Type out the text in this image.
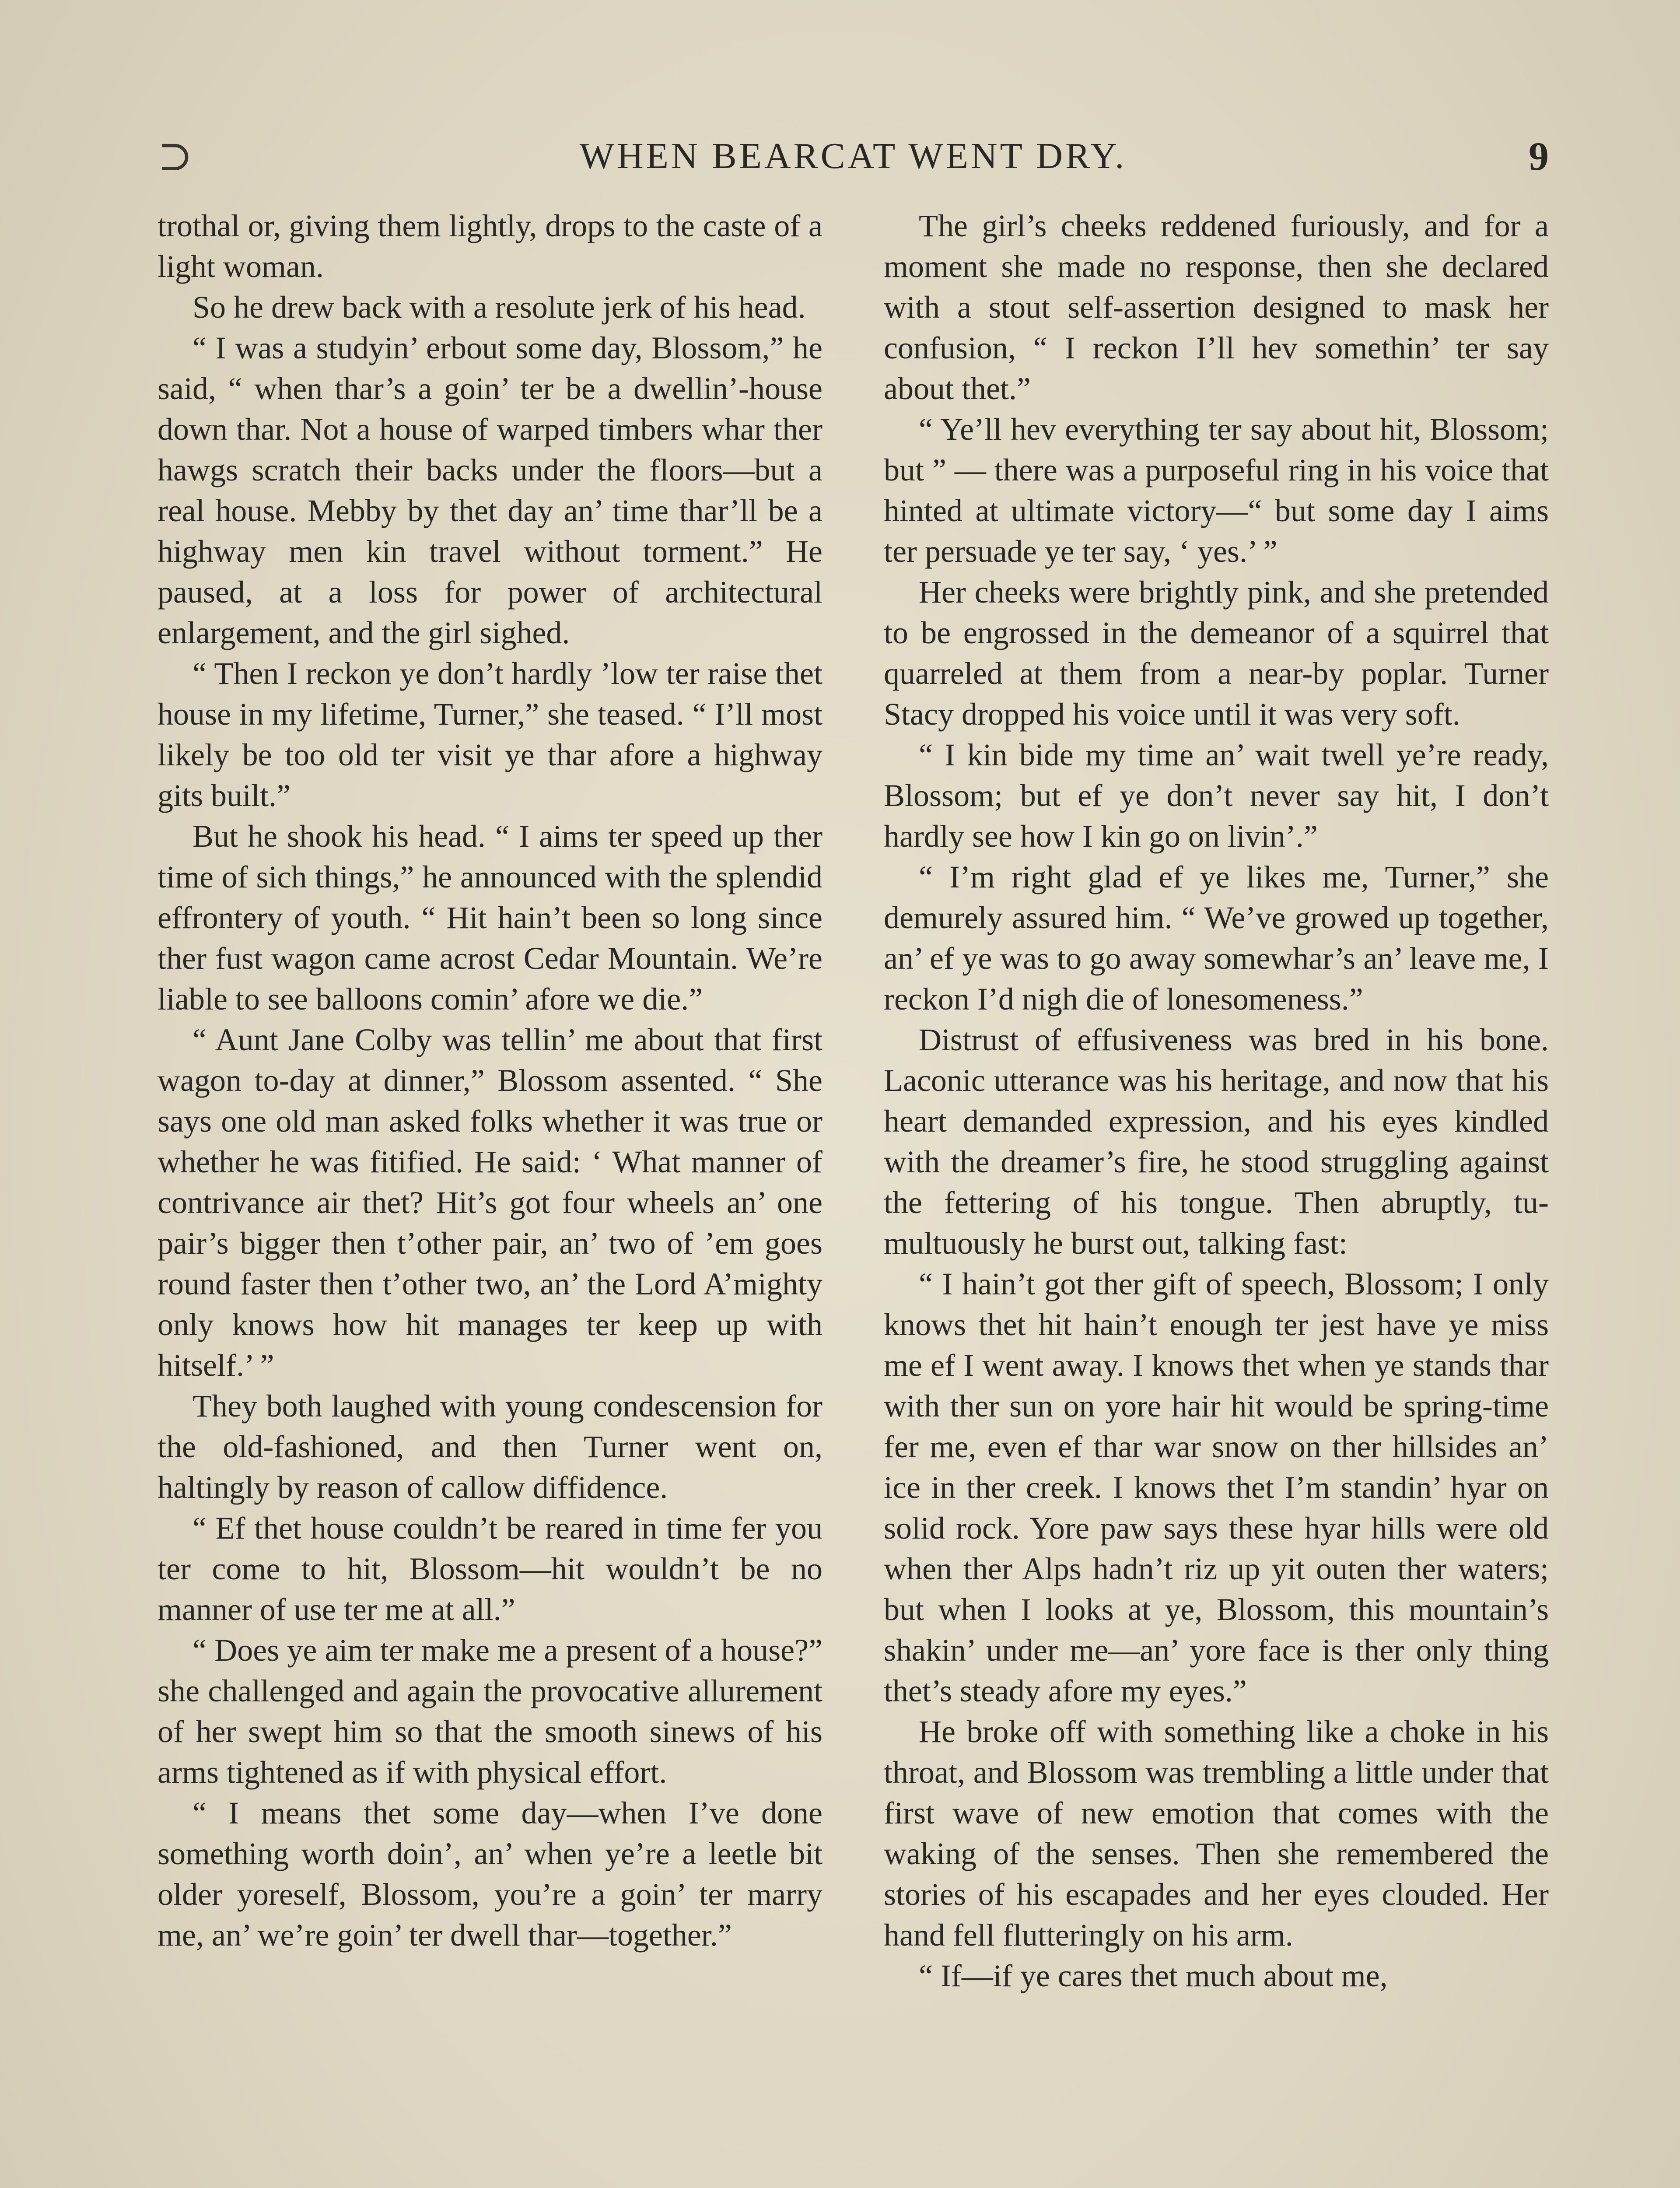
⊃	WHEN BEARCAT WENT DRY.	9

trothal or, giving them lightly, drops to the caste of a light woman.

So he drew back with a resolute jerk of his head.

“ I was a studyin’ erbout some day, Blossom,” he said, “ when thar’s a goin’ ter be a dwellin’-house down thar. Not a house of warped timbers whar ther hawgs scratch their backs under the floors—but a real house. Mebby by thet day an’ time thar’ll be a highway men kin travel without torment.” He paused, at a loss for power of architectural enlargement, and the girl sighed.

“ Then I reckon ye don’t hardly ’low ter raise thet house in my lifetime, Turner,” she teased. “ I’ll most likely be too old ter visit ye thar afore a highway gits built.”

But he shook his head. “ I aims ter speed up ther time of sich things,” he announced with the splendid effrontery of youth. “ Hit hain’t been so long since ther fust wagon came acrost Cedar Mountain. We’re liable to see balloons comin’ afore we die.”

“ Aunt Jane Colby was tellin’ me about that first wagon to-day at dinner,” Blossom assented. “ She says one old man asked folks whether it was true or whether he was fitified. He said: ‘ What manner of contrivance air thet? Hit’s got four wheels an’ one pair’s bigger then t’other pair, an’ two of ’em goes round faster then t’other two, an’ the Lord A’mighty only knows how hit manages ter keep up with hitself.’ ”

They both laughed with young condescension for the old-fashioned, and then Turner went on, haltingly by reason of callow diffidence.

“ Ef thet house couldn’t be reared in time fer you ter come to hit, Blossom—hit wouldn’t be no manner of use ter me at all.”

“ Does ye aim ter make me a present of a house?” she challenged and again the provocative allurement of her swept him so that the smooth sinews of his arms tightened as if with physical effort.

“ I means thet some day—when I’ve done something worth doin’, an’ when ye’re a leetle bit older yoreself, Blossom, you’re a goin’ ter marry me, an’ we’re goin’ ter dwell thar—together.”

The girl’s cheeks reddened furiously, and for a moment she made no response, then she declared with a stout self-assertion designed to mask her confusion, “ I reckon I’ll hev somethin’ ter say about thet.”

“ Ye’ll hev everything ter say about hit, Blossom; but ” — there was a purposeful ring in his voice that hinted at ultimate victory—“ but some day I aims ter persuade ye ter say, ‘ yes.’ ”

Her cheeks were brightly pink, and she pretended to be engrossed in the demeanor of a squirrel that quarreled at them from a near-by poplar. Turner Stacy dropped his voice until it was very soft.

“ I kin bide my time an’ wait twell ye’re ready, Blossom; but ef ye don’t never say hit, I don’t hardly see how I kin go on livin’.”

“ I’m right glad ef ye likes me, Turner,” she demurely assured him. “ We’ve growed up together, an’ ef ye was to go away somewhar’s an’ leave me, I reckon I’d nigh die of lonesomeness.”

Distrust of effusiveness was bred in his bone. Laconic utterance was his heritage, and now that his heart demanded expression, and his eyes kindled with the dreamer’s fire, he stood struggling against the fettering of his tongue. Then abruptly, tumultuously he burst out, talking fast:

“ I hain’t got ther gift of speech, Blossom; I only knows thet hit hain’t enough ter jest have ye miss me ef I went away. I knows thet when ye stands thar with ther sun on yore hair hit would be spring-time fer me, even ef thar war snow on ther hillsides an’ ice in ther creek. I knows thet I’m standin’ hyar on solid rock. Yore paw says these hyar hills were old when ther Alps hadn’t riz up yit outen ther waters; but when I looks at ye, Blossom, this mountain’s shakin’ under me—an’ yore face is ther only thing thet’s steady afore my eyes.”

He broke off with something like a choke in his throat, and Blossom was trembling a little under that first wave of new emotion that comes with the waking of the senses. Then she remembered the stories of his escapades and her eyes clouded. Her hand fell flutteringly on his arm.

“ If—if ye cares thet much about me,
